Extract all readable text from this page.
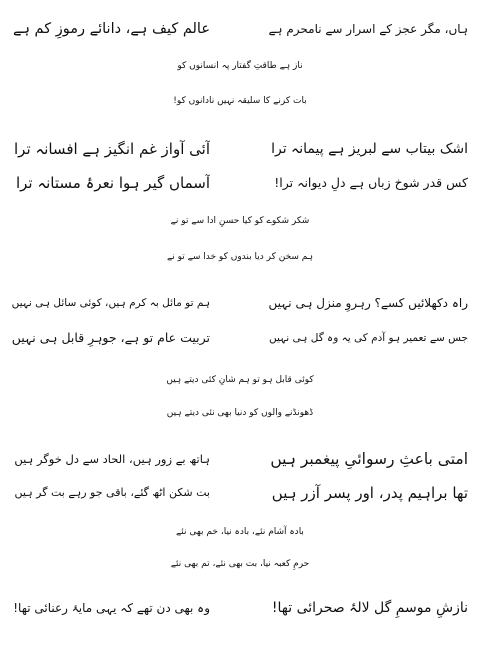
ہاں، مگر عجز کے اسرار سے نامحرم ہے
عالم کیف ہے، دانائے رموزِ کم ہے
ناز ہے طاقتِ گفتار پہ انسانوں کو
بات کرنے کا سلیقہ نہیں نادانوں کو!
اشک بیتاب سے لبریز ہے پیمانہ ترا
آئی آواز غم انگیز ہے افسانہ ترا
کس قدر شوخ زباں ہے دلِ دیوانہ ترا!
آسماں گیر ہوا نعرۂ مستانہ ترا
شکر شکوے کو کیا حسنِ ادا سے تو نے
ہم سخن کر دیا بندوں کو خدا سے تو نے
راہ دکھلائیں کسے؟ رہروِ منزل ہی نہیں
ہم تو مائل بہ کرم ہیں، کوئی سائل ہی نہیں
جس سے تعمیر ہو آدم کی یہ وہ گل ہی نہیں
تربیت عام تو ہے، جوہرِ قابل ہی نہیں
کوئی قابل ہو تو ہم شانِ کئی دیتے ہیں
ڈھونڈنے والوں کو دنیا بھی نئی دیتے ہیں
امتی باعثِ رسوائیِ پیغمبر ہیں
ہاتھ بے زور ہیں، الحاد سے دل خوگر ہیں
تھا براہیم پدر، اور پسر آزر ہیں
بت شکن اٹھ گئے، باقی جو رہے بت گر ہیں
بادہ آشام نئے، بادہ نیا، خم بھی نئے
حرمِ کعبہ نیا، بت بھی نئے، تم بھی نئے
نازشِ موسمِ گل لالۂ صحرائی تھا!
وہ بھی دن تھے کہ یہی مایۂ رعنائی تھا!
